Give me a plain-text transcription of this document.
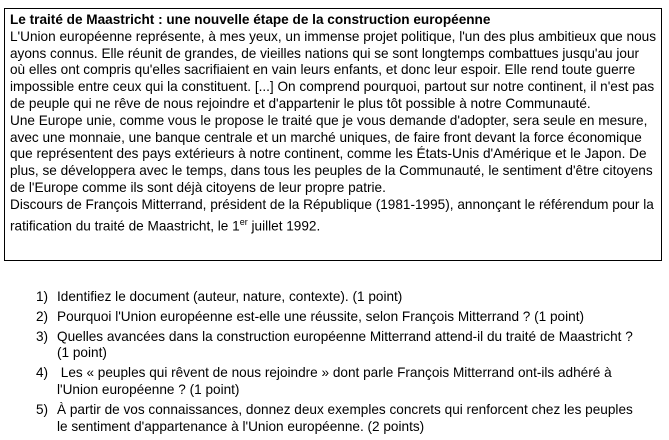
Le traité de Maastricht : une nouvelle étape de la construction européenne

L'Union européenne représente, à mes yeux, un immense projet politique, l'un des plus ambitieux que nous ayons connus. Elle réunit de grandes, de vieilles nations qui se sont longtemps combattues jusqu'au jour où elles ont compris qu'elles sacrifiaient en vain leurs enfants, et donc leur espoir. Elle rend toute guerre impossible entre ceux qui la constituent. [...] On comprend pourquoi, partout sur notre continent, il n'est pas de peuple qui ne rêve de nous rejoindre et d'appartenir le plus tôt possible à notre Communauté.

Une Europe unie, comme vous le propose le traité que je vous demande d'adopter, sera seule en mesure, avec une monnaie, une banque centrale et un marché uniques, de faire front devant la force économique que représentent des pays extérieurs à notre continent, comme les États-Unis d'Amérique et le Japon. De plus, se développera avec le temps, dans tous les peuples de la Communauté, le sentiment d'être citoyens de l'Europe comme ils sont déjà citoyens de leur propre patrie.

Discours de François Mitterrand, président de la République (1981-1995), annonçant le référendum pour la ratification du traité de Maastricht, le 1er juillet 1992.

1) Identifiez le document (auteur, nature, contexte). (1 point)
2) Pourquoi l'Union européenne est-elle une réussite, selon François Mitterrand ? (1 point)
3) Quelles avancées dans la construction européenne Mitterrand attend-il du traité de Maastricht ? (1 point)
4) Les « peuples qui rêvent de nous rejoindre » dont parle François Mitterrand ont-ils adhéré à l'Union européenne ? (1 point)
5) À partir de vos connaissances, donnez deux exemples concrets qui renforcent chez les peuples le sentiment d'appartenance à l'Union européenne. (2 points)
